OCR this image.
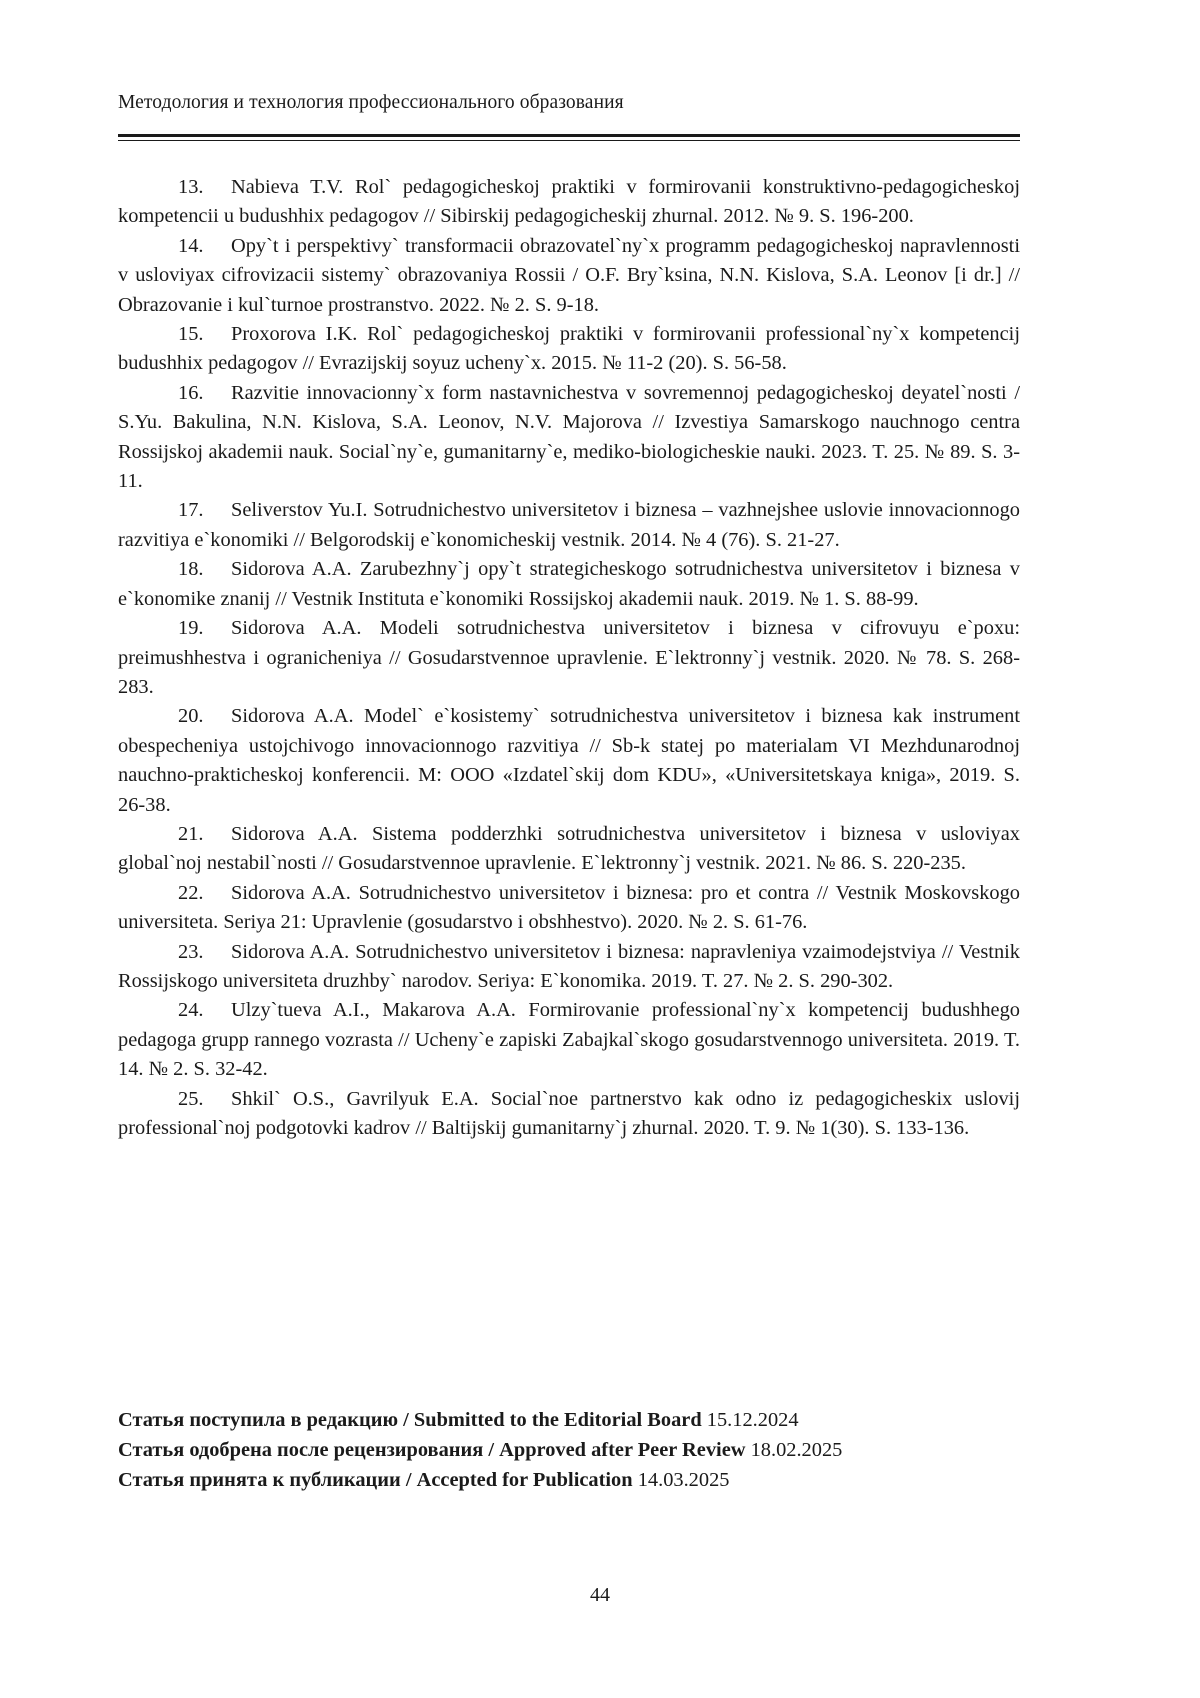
Методология и технология профессионального образования
13. Nabieva T.V. Rol` pedagogicheskoj praktiki v formirovanii konstruktivno-pedagogicheskoj kompetencii u budushhix pedagogov // Sibirskij pedagogicheskij zhurnal. 2012. № 9. S. 196-200.
14. Opy`t i perspektivy` transformacii obrazovatel`ny`x programm pedagogicheskoj napravlennosti v usloviyax cifrovizacii sistemy` obrazovaniya Rossii / O.F. Bry`ksina, N.N. Kislova, S.A. Leonov [i dr.] // Obrazovanie i kul`turnoe prostranstvo. 2022. № 2. S. 9-18.
15. Proxorova I.K. Rol` pedagogicheskoj praktiki v formirovanii professional`ny`x kompetencij budushhix pedagogov // Evrazijskij soyuz ucheny`x. 2015. № 11-2 (20). S. 56-58.
16. Razvitie innovacionny`x form nastavnichestva v sovremennoj pedagogicheskoj deyatel`nosti / S.Yu. Bakulina, N.N. Kislova, S.A. Leonov, N.V. Majorova // Izvestiya Samarskogo nauchnogo centra Rossijskoj akademii nauk. Social`ny`e, gumanitarny`e, mediko-biologicheskie nauki. 2023. T. 25. № 89. S. 3-11.
17. Seliverstov Yu.I. Sotrudnichestvo universitetov i biznesa – vazhnejshee uslovie innovacionnogo razvitiya e`konomiki // Belgorodskij e`konomicheskij vestnik. 2014. № 4 (76). S. 21-27.
18. Sidorova A.A. Zarubezhny`j opy`t strategicheskogo sotrudnichestva universitetov i biznesa v e`konomike znanij // Vestnik Instituta e`konomiki Rossijskoj akademii nauk. 2019. № 1. S. 88-99.
19. Sidorova A.A. Modeli sotrudnichestva universitetov i biznesa v cifrovuyu e`poxu: preimushhestva i ogranicheniya // Gosudarstvennoe upravlenie. E`lektronny`j vestnik. 2020. № 78. S. 268-283.
20. Sidorova A.A. Model` e`kosistemy` sotrudnichestva universitetov i biznesa kak instrument obespecheniya ustojchivogo innovacionnogo razvitiya // Sb-k statej po materialam VI Mezhdunarodnoj nauchno-prakticheskoj konferencii. M: OOO «Izdatel`skij dom KDU», «Universitetskaya kniga», 2019. S. 26-38.
21. Sidorova A.A. Sistema podderzhki sotrudnichestva universitetov i biznesa v usloviyax global`noj nestabil`nosti // Gosudarstvennoe upravlenie. E`lektronny`j vestnik. 2021. № 86. S. 220-235.
22. Sidorova A.A. Sotrudnichestvo universitetov i biznesa: pro et contra // Vestnik Moskovskogo universiteta. Seriya 21: Upravlenie (gosudarstvo i obshhestvo). 2020. № 2. S. 61-76.
23. Sidorova A.A. Sotrudnichestvo universitetov i biznesa: napravleniya vzaimodejstviya // Vestnik Rossijskogo universiteta druzhby` narodov. Seriya: E`konomika. 2019. T. 27. № 2. S. 290-302.
24. Ulzy`tueva A.I., Makarova A.A. Formirovanie professional`ny`x kompetencij budushhego pedagoga grupp rannego vozrasta // Ucheny`e zapiski Zabajkal`skogo gosudarstvennogo universiteta. 2019. T. 14. № 2. S. 32-42.
25. Shkil` O.S., Gavrilyuk E.A. Social`noe partnerstvo kak odno iz pedagogicheskix uslovij professional`noj podgotovki kadrov // Baltijskij gumanitarny`j zhurnal. 2020. T. 9. № 1(30). S. 133-136.
Статья поступила в редакцию / Submitted to the Editorial Board 15.12.2024
Статья одобрена после рецензирования / Approved after Peer Review 18.02.2025
Статья принята к публикации / Accepted for Publication 14.03.2025
44
